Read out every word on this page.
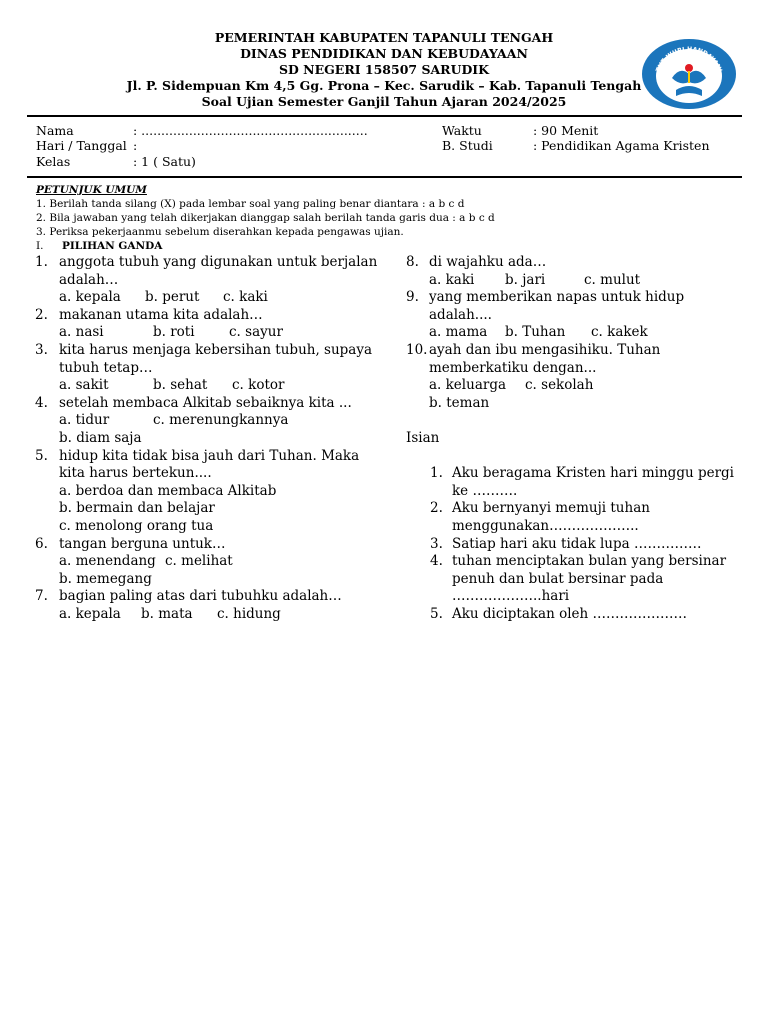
PEMERINTAH KABUPATEN TAPANULI TENGAH
DINAS PENDIDIKAN DAN KEBUDAYAAN
SD NEGERI 158507 SARUDIK
Jl. P. Sidempuan Km 4,5 Gg. Prona – Kec. Sarudik – Kab. Tapanuli Tengah
Soal Ujian Semester Ganjil Tahun Ajaran 2024/2025
TUT WURI HANDAYANI
Nama	: .........................................................
Hari / Tanggal :
Kelas	: 1 ( Satu)
Waktu	: 90 Menit
B. Studi	: Pendidikan Agama Kristen
PETUNJUK UMUM
1. Berilah tanda silang (X) pada lembar soal yang paling benar diantara : a b c d
2. Bila jawaban yang telah dikerjakan dianggap salah berilah tanda garis dua : a b c d
3. Periksa pekerjaanmu sebelum diserahkan kepada pengawas ujian.
I. PILIHAN GANDA
1. anggota tubuh yang digunakan untuk berjalan
adalah…
a. kepala b. perut c. kaki
2. makanan utama kita adalah…
a. nasi	b. roti	c. sayur
3. kita harus menjaga kebersihan tubuh, supaya
tubuh tetap…
a. sakit	b. sehat c. kotor
4. setelah membaca Alkitab sebaiknya kita ...
a. tidur	c. merenungkannya
b. diam saja
5. hidup kita tidak bisa jauh dari Tuhan. Maka
kita harus bertekun....
a. berdoa dan membaca Alkitab
b. bermain dan belajar
c. menolong orang tua
6. tangan berguna untuk…
a. menendang c. melihat
b. memegang
7. bagian paling atas dari tubuhku adalah…
a. kepala b. mata c. hidung
8. di wajahku ada…
a. kaki b. jari	c. mulut
9. yang memberikan napas untuk hidup
adalah....
a. mama b. Tuhan c. kakek
10. ayah dan ibu mengasihiku. Tuhan
memberkatiku dengan...
a. keluarga c. sekolah
b. teman
Isian
1. Aku beragama Kristen hari minggu pergi
ke ……….
2. Aku bernyanyi memuji tuhan
menggunakan………………..
3. Satiap hari aku tidak lupa ……………
4. tuhan menciptakan bulan yang bersinar
penuh dan bulat bersinar pada
………………..hari
5. Aku diciptakan oleh …………………
